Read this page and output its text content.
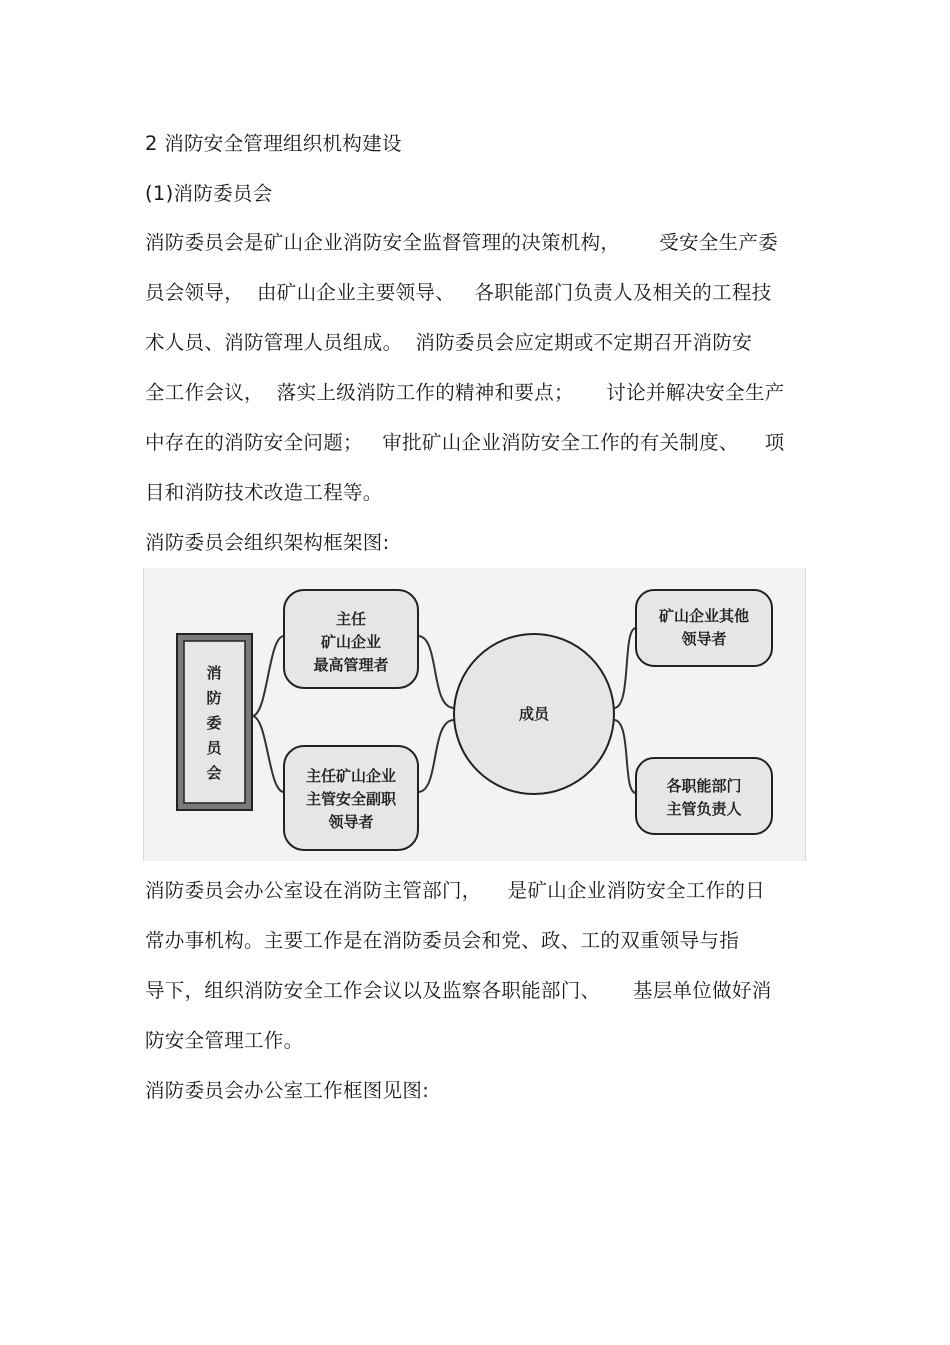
2 消防安全管理组织机构建设
(1)消防委员会
消防委员会是矿山企业消防安全监督管理的决策机构，      受安全生产委
员会领导，  由矿山企业主要领导、   各职能部门负责人及相关的工程技
术人员、消防管理人员组成。  消防委员会应定期或不定期召开消防安
全工作会议，  落实上级消防工作的精神和要点；     讨论并解决安全生产
中存在的消防安全问题；   审批矿山企业消防安全工作的有关制度、    项
目和消防技术改造工程等。
消防委员会组织架构框架图:
消
防
委
员
会
主任
矿山企业
最高管理者
主任矿山企业
主管安全副职
领导者
成员
矿山企业其他
领导者
各职能部门
主管负责人
消防委员会办公室设在消防主管部门，    是矿山企业消防安全工作的日
常办事机构。主要工作是在消防委员会和党、政、工的双重领导与指
导下，组织消防安全工作会议以及监察各职能部门、     基层单位做好消
防安全管理工作。
消防委员会办公室工作框图见图:
